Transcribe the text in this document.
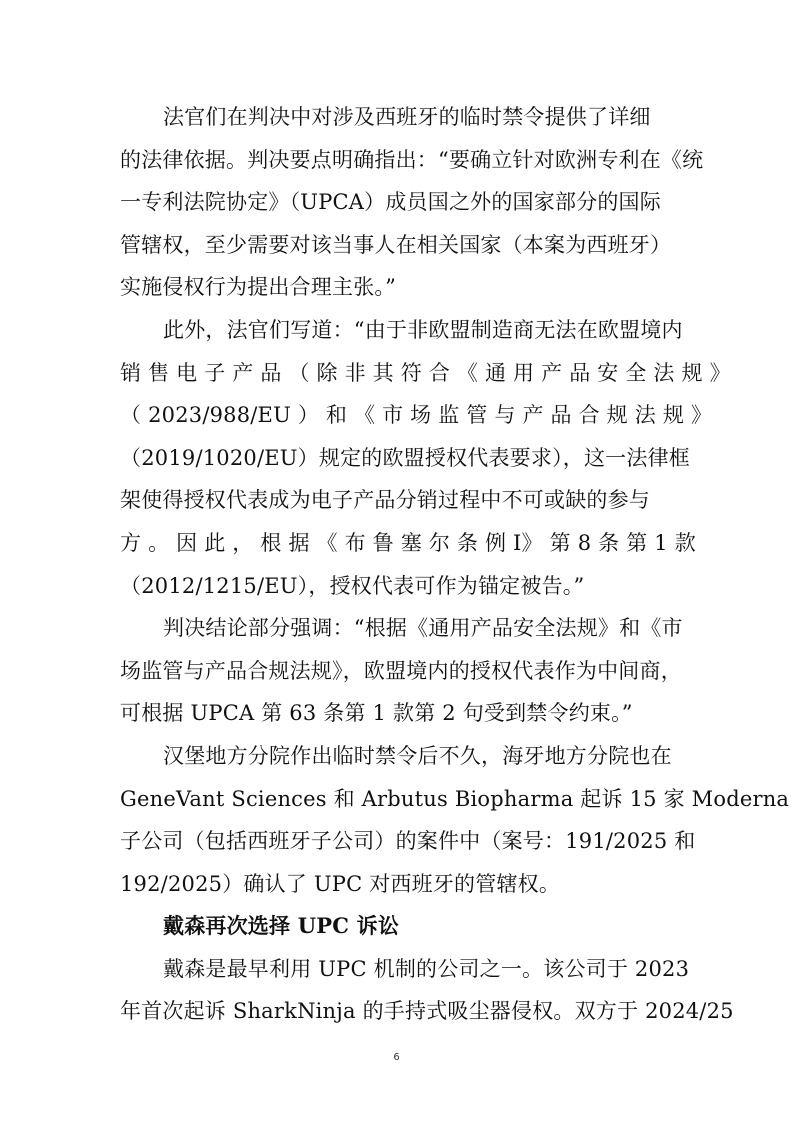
法官们在判决中对涉及西班牙的临时禁令提供了详细
的法律依据。判决要点明确指出：“要确立针对欧洲专利在《统
一专利法院协定》（UPCA）成员国之外的国家部分的国际
管辖权，至少需要对该当事人在相关国家（本案为西班牙）
实施侵权行为提出合理主张。”

此外，法官们写道：“由于非欧盟制造商无法在欧盟境内
销 售 电 子 产 品 （ 除 非 其 符 合 《 通 用 产 品 安 全 法 规 》
（ 2023/988/EU ） 和 《 市 场 监 管 与 产 品 合 规 法 规 》
（2019/1020/EU）规定的欧盟授权代表要求），这一法律框
架使得授权代表成为电子产品分销过程中不可或缺的参与
方 。 因 此 ， 根 据 《 布 鲁 塞 尔 条 例 I》 第 8 条 第 1 款
（2012/1215/EU），授权代表可作为锚定被告。”

判决结论部分强调：“根据《通用产品安全法规》和《市
场监管与产品合规法规》，欧盟境内的授权代表作为中间商，
可根据 UPCA 第 63 条第 1 款第 2 句受到禁令约束。”

汉堡地方分院作出临时禁令后不久，海牙地方分院也在
GeneVant Sciences 和 Arbutus Biopharma 起诉 15 家 Moderna
子公司（包括西班牙子公司）的案件中（案号：191/2025 和
192/2025）确认了 UPC 对西班牙的管辖权。

戴森再次选择 UPC 诉讼

戴森是最早利用 UPC 机制的公司之一。该公司于 2023
年首次起诉 SharkNinja 的手持式吸尘器侵权。双方于 2024/25

6
